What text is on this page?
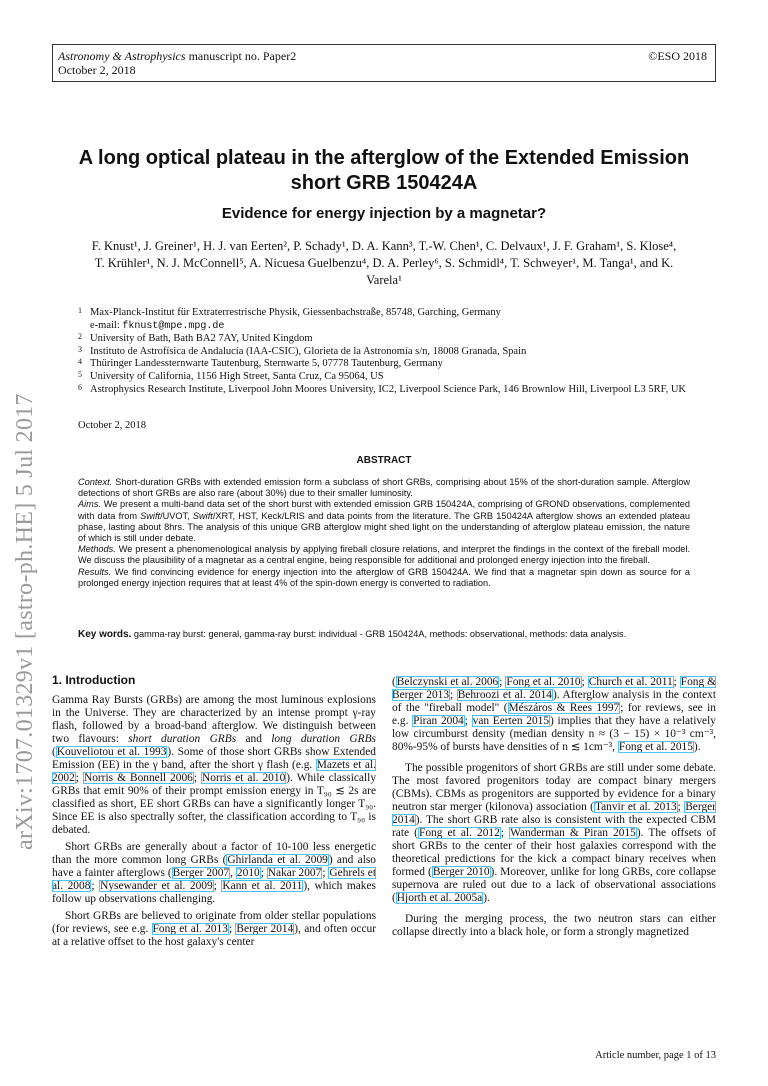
Astronomy & Astrophysics manuscript no. Paper2
October 2, 2018
©ESO 2018
arXiv:1707.01329v1 [astro-ph.HE] 5 Jul 2017
A long optical plateau in the afterglow of the Extended Emission
short GRB 150424A
Evidence for energy injection by a magnetar?
F. Knust¹, J. Greiner¹, H. J. van Eerten², P. Schady¹, D. A. Kann³, T.-W. Chen¹, C. Delvaux¹, J. F. Graham¹, S. Klose⁴,
T. Krühler¹, N. J. McConnell⁵, A. Nicuesa Guelbenzu⁴, D. A. Perley⁶, S. Schmidl⁴, T. Schweyer¹, M. Tanga¹, and K.
Varela¹
1 Max-Planck-Institut für Extraterrestrische Physik, Giessenbachstraße, 85748, Garching, Germany
e-mail: fknust@mpe.mpg.de
2 University of Bath, Bath BA2 7AY, United Kingdom
3 Instituto de Astrofísica de Andalucía (IAA-CSIC), Glorieta de la Astronomía s/n, 18008 Granada, Spain
4 Thüringer Landessternwarte Tautenburg, Sternwarte 5, 07778 Tautenburg, Germany
5 University of California, 1156 High Street, Santa Cruz, Ca 95064, US
6 Astrophysics Research Institute, Liverpool John Moores University, IC2, Liverpool Science Park, 146 Brownlow Hill, Liverpool L3 5RF, UK
October 2, 2018
ABSTRACT

Context. Short-duration GRBs with extended emission form a subclass of short GRBs, comprising about 15% of the short-duration sample. Afterglow detections of short GRBs are also rare (about 30%) due to their smaller luminosity.

Aims. We present a multi-band data set of the short burst with extended emission GRB 150424A, comprising of GROND observations, complemented with data from Swift/UVOT, Swift/XRT, HST, Keck/LRIS and data points from the literature. The GRB 150424A afterglow shows an extended plateau phase, lasting about 8hrs. The analysis of this unique GRB afterglow might shed light on the understanding of afterglow plateau emission, the nature of which is still under debate.

Methods. We present a phenomenological analysis by applying fireball closure relations, and interpret the findings in the context of the fireball model. We discuss the plausibility of a magnetar as a central engine, being responsible for additional and prolonged energy injection into the fireball.

Results. We find convincing evidence for energy injection into the afterglow of GRB 150424A. We find that a magnetar spin down as source for a prolonged energy injection requires that at least 4% of the spin-down energy is converted to radiation.

Key words. gamma-ray burst: general, gamma-ray burst: individual - GRB 150424A, methods: observational, methods: data analysis.
1. Introduction

Gamma Ray Bursts (GRBs) are among the most luminous explosions in the Universe. They are characterized by an intense prompt γ-ray flash, followed by a broad-band afterglow. We distinguish between two flavours: short duration GRBs and long duration GRBs (Kouveliotou et al. 1993). Some of those short GRBs show Extended Emission (EE) in the γ band, after the short γ flash (e.g. Mazets et al. 2002; Norris & Bonnell 2006; Norris et al. 2010). While classically GRBs that emit 90% of their prompt emission energy in T₉₀ ≲ 2s are classified as short, EE short GRBs can have a significantly longer T₉₀. Since EE is also spectrally softer, the classification according to T₉₀ is debated.

Short GRBs are generally about a factor of 10-100 less energetic than the more common long GRBs (Ghirlanda et al. 2009) and also have a fainter afterglows (Berger 2007, 2010; Nakar 2007; Gehrels et al. 2008; Nysewander et al. 2009; Kann et al. 2011), which makes follow up observations challenging.

Short GRBs are believed to originate from older stellar populations (for reviews, see e.g. Fong et al. 2013; Berger 2014), and often occur at a relative offset to the host galaxy's center

(Belczynski et al. 2006; Fong et al. 2010; Church et al. 2011; Fong & Berger 2013; Behroozi et al. 2014). Afterglow analysis in the context of the "fireball model" (Mészáros & Rees 1997; for reviews, see in e.g. Piran 2004; van Eerten 2015) implies that they have a relatively low circumburst density (median density n ≈ (3 − 15) × 10⁻³ cm⁻³, 80%-95% of bursts have densities of n ≲ 1cm⁻³, Fong et al. 2015).

The possible progenitors of short GRBs are still under some debate. The most favored progenitors today are compact binary mergers (CBMs). CBMs as progenitors are supported by evidence for a binary neutron star merger (kilonova) association (Tanvir et al. 2013; Berger 2014). The short GRB rate also is consistent with the expected CBM rate (Fong et al. 2012; Wanderman & Piran 2015). The offsets of short GRBs to the center of their host galaxies correspond with the theoretical predictions for the kick a compact binary receives when formed (Berger 2010). Moreover, unlike for long GRBs, core collapse supernova are ruled out due to a lack of observational associations (Hjorth et al. 2005a).

During the merging process, the two neutron stars can either collapse directly into a black hole, or form a strongly magnetized

Article number, page 1 of 13
